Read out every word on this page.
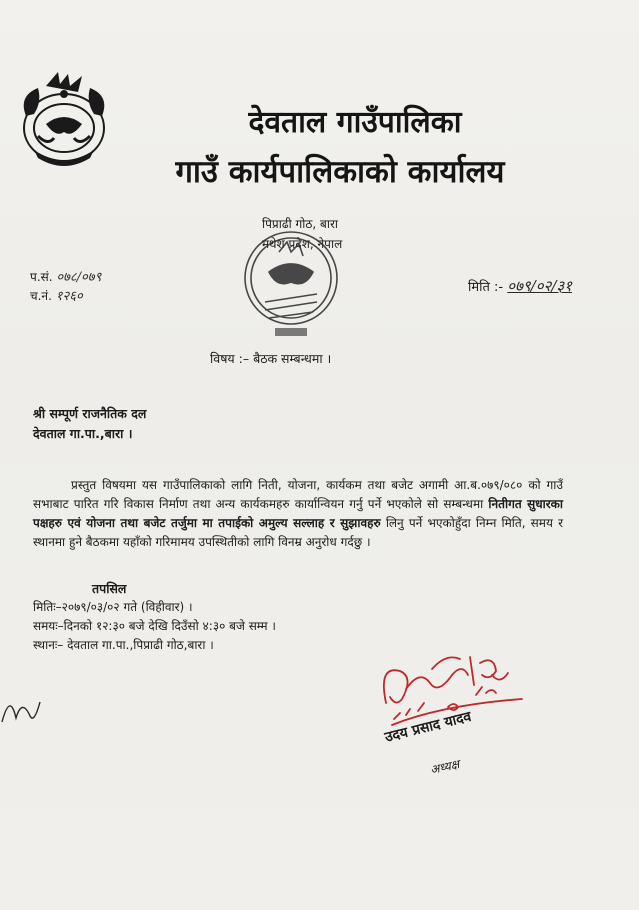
देवताल गाउँपालिका
गाउँ कार्यपालिकाको कार्यालय
पिप्राढी गोठ, बारा
मधेश प्रदेश, नेपाल
प.सं. ०७८/०७९
च.नं. १२६०
मिति :- ०७९/०२/३१
विषय :– बैठक सम्बन्धमा ।
श्री सम्पूर्ण राजनैतिक दल
देवताल गा.पा.,बारा ।
प्रस्तुत विषयमा यस गाउँपालिकाको लागि निती, योजना, कार्यकम तथा बजेट अगामी आ.ब.०७९/०८० को गाउँ सभाबाट पारित गरि विकास निर्माण तथा अन्य कार्यकमहरु कार्यान्वियन गर्नु पर्ने भएकोले सो सम्बन्धमा नितीगत सुधारका पक्षहरु एवं योजना तथा बजेट तर्जुमा मा तपाईको अमुल्य सल्लाह र सुझावहरु लिनु पर्ने भएकोहुँदा निम्न मिति, समय र स्थानमा हुने बैठकमा यहाँको गरिमामय उपस्थितीको लागि विनम्र अनुरोध गर्दछु ।
तपसिल
मितिः–२०७९/०३/०२ गते (विहीवार) ।
समयः–दिनको १२:३० बजे देखि दिउँसो ४:३० बजे सम्म ।
स्थानः– देवताल गा.पा.,पिप्राढी गोठ,बारा ।
उदय प्रसाद यादव
अध्यक्ष
